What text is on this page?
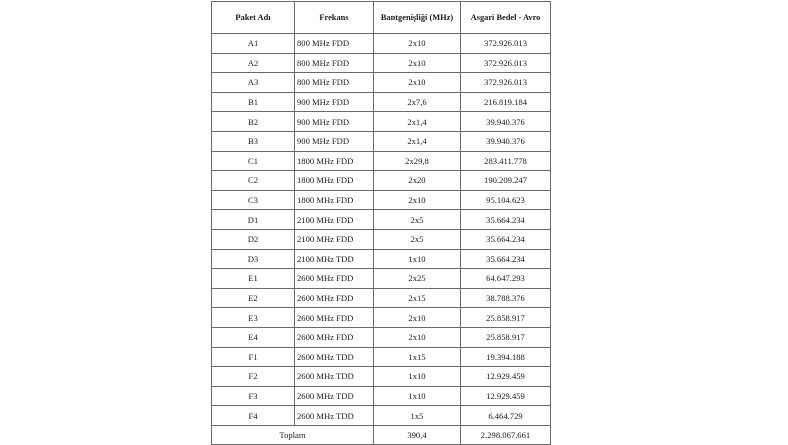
Paket Adı	Frekans	Bantgenişliği (MHz)	Asgari Bedel - Avro
A1	800 MHz FDD	2x10	372.926.013
A2	800 MHz FDD	2x10	372.926.013
A3	800 MHz FDD	2x10	372.926.013
B1	900 MHz FDD	2x7,6	216.819.184
B2	900 MHz FDD	2x1,4	39.940.376
B3	900 MHz FDD	2x1,4	39.940.376
C1	1800 MHz FDD	2x29,8	283.411.778
C2	1800 MHz FDD	2x20	190.209.247
C3	1800 MHz FDD	2x10	95.104.623
D1	2100 MHz FDD	2x5	35.664.234
D2	2100 MHz FDD	2x5	35.664.234
D3	2100 MHz TDD	1x10	35.664.234
E1	2600 MHz FDD	2x25	64.647.293
E2	2600 MHz FDD	2x15	38.788.376
E3	2600 MHz FDD	2x10	25.858.917
E4	2600 MHz FDD	2x10	25.858.917
F1	2600 MHz TDD	1x15	19.394.188
F2	2600 MHz TDD	1x10	12.929.459
F3	2600 MHz TDD	1x10	12.929.459
F4	2600 MHz TDD	1x5	6.464.729
Toplam		390,4	2.298.067.661
